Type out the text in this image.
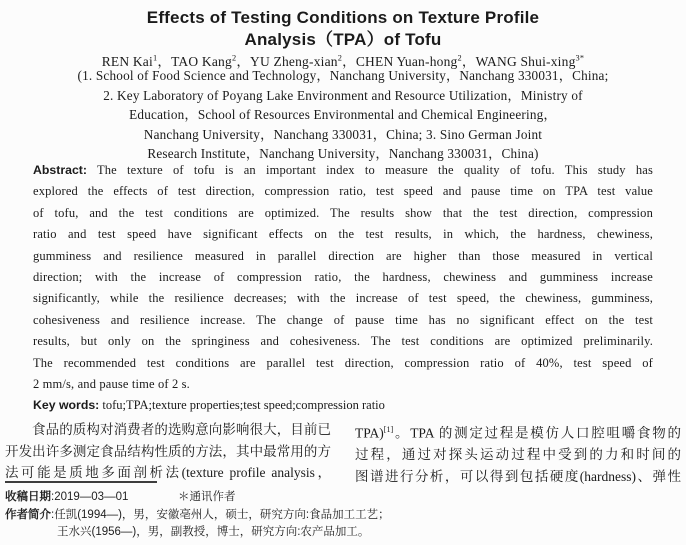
Effects of Testing Conditions on Texture Profile
Analysis（TPA）of Tofu
REN Kai$^1$，TAO Kang$^2$，YU Zheng-xian$^2$，CHEN Yuan-hong$^2$，WANG Shui-xing$^{3*}$
(1. School of Food Science and Technology，Nanchang University，Nanchang 330031，China;
2. Key Laboratory of Poyang Lake Environment and Resource Utilization，Ministry of
Education，School of Resources Environmental and Chemical Engineering，
Nanchang University，Nanchang 330031，China; 3. Sino German Joint
Research Institute，Nanchang University，Nanchang 330031，China)
Abstract: The texture of tofu is an important index to measure the quality of tofu. This study has
explored the effects of test direction, compression ratio, test speed and pause time on TPA test value
of tofu, and the test conditions are optimized. The results show that the test direction, compression
ratio and test speed have significant effects on the test results, in which, the hardness, chewiness,
gumminess and resilience measured in parallel direction are higher than those measured in vertical
direction; with the increase of compression ratio, the hardness, chewiness and gumminess increase
significantly, while the resilience decreases; with the increase of test speed, the chewiness, gumminess,
cohesiveness and resilience increase. The change of pause time has no significant effect on the test
results, but only on the springiness and cohesiveness. The test conditions are optimized preliminarily.
The recommended test conditions are parallel test direction, compression ratio of 40%, test speed of
2 mm/s, and pause time of 2 s.
Key words: tofu;TPA;texture properties;test speed;compression ratio
食品的质构对消费者的选购意向影响很大，目前已
开发出许多测定食品结构性质的方法，其中最常用的方
法可能是质地多面剖析法(texture profile analysis，
TPA)[1]。TPA 的测定过程是模仿人口腔咀嚼食物的
过程，通过对探头运动过程中受到的力和时间的
图谱进行分析，可以得到包括硬度(hardness)、弹性
收稿日期:2019—03—01	＊通讯作者
作者简介:任凯(1994—)，男，安徽亳州人，硕士，研究方向:食品加工工艺；
王水兴(1956—)，男，副教授，博士，研究方向:农产品加工。
